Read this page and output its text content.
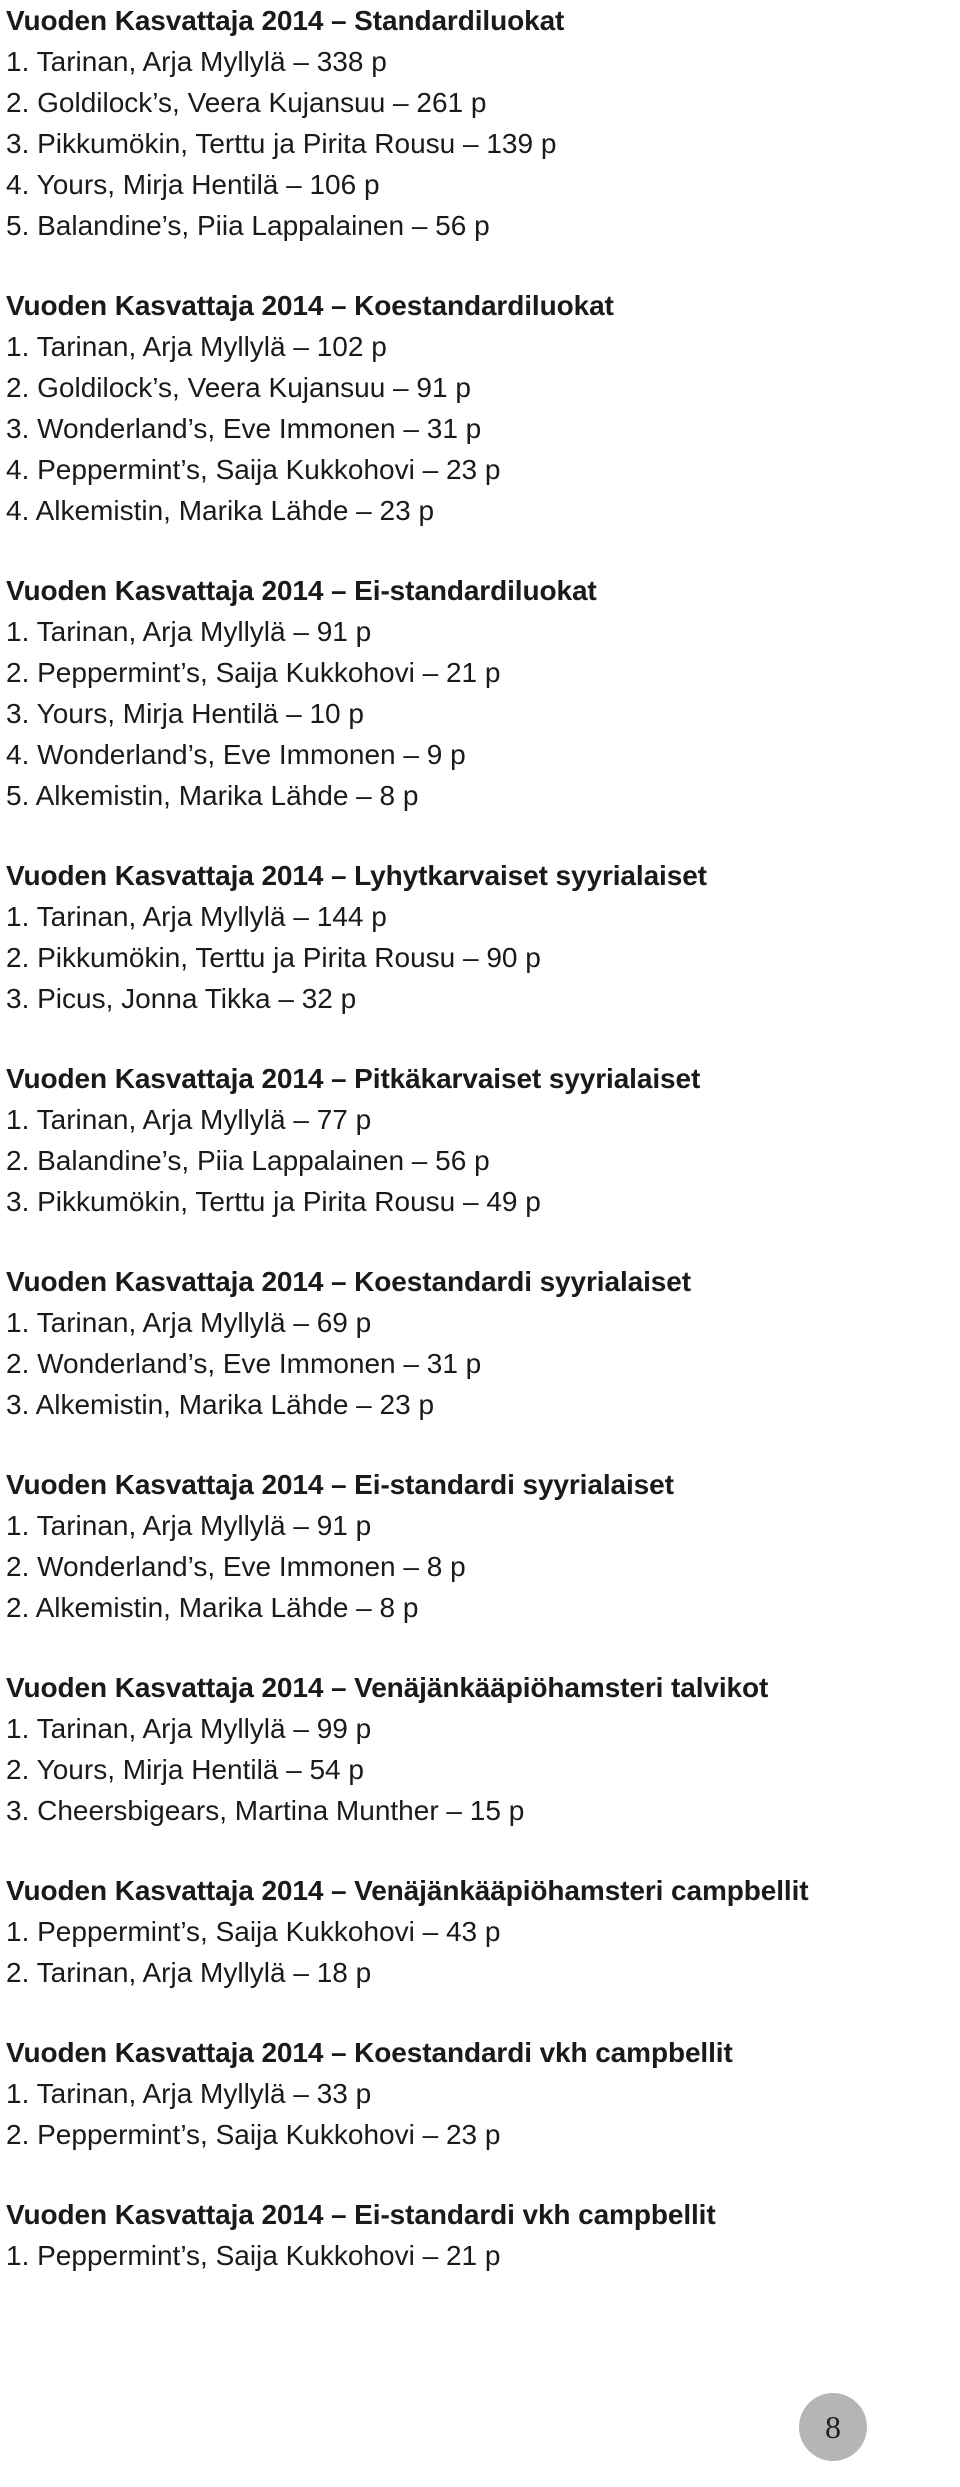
Vuoden Kasvattaja 2014 – Standardiluokat
1. Tarinan, Arja Myllylä – 338 p
2. Goldilock’s, Veera Kujansuu – 261 p
3. Pikkumökin, Terttu ja Pirita Rousu – 139 p
4. Yours, Mirja Hentilä – 106 p
5. Balandine’s, Piia Lappalainen – 56 p
Vuoden Kasvattaja 2014 – Koestandardiluokat
1. Tarinan, Arja Myllylä – 102 p
2. Goldilock’s, Veera Kujansuu – 91 p
3. Wonderland’s, Eve Immonen – 31 p
4. Peppermint’s, Saija Kukkohovi – 23 p
4. Alkemistin, Marika Lähde – 23 p
Vuoden Kasvattaja 2014 – Ei-standardiluokat
1. Tarinan, Arja Myllylä – 91 p
2. Peppermint’s, Saija Kukkohovi – 21 p
3. Yours, Mirja Hentilä – 10 p
4. Wonderland’s, Eve Immonen – 9 p
5. Alkemistin, Marika Lähde – 8 p
Vuoden Kasvattaja 2014 – Lyhytkarvaiset syyrialaiset
1. Tarinan, Arja Myllylä – 144 p
2. Pikkumökin, Terttu ja Pirita Rousu – 90 p
3. Picus, Jonna Tikka – 32 p
Vuoden Kasvattaja 2014 – Pitkäkarvaiset syyrialaiset
1. Tarinan, Arja Myllylä – 77 p
2. Balandine’s, Piia Lappalainen – 56 p
3. Pikkumökin, Terttu ja Pirita Rousu – 49 p
Vuoden Kasvattaja 2014 – Koestandardi syyrialaiset
1. Tarinan, Arja Myllylä – 69 p
2. Wonderland’s, Eve Immonen – 31 p
3. Alkemistin, Marika Lähde – 23 p
Vuoden Kasvattaja 2014 – Ei-standardi syyrialaiset
1. Tarinan, Arja Myllylä – 91 p
2. Wonderland’s, Eve Immonen – 8 p
2. Alkemistin, Marika Lähde – 8 p
Vuoden Kasvattaja 2014 – Venäjänkääpiöhamsteri talvikot
1. Tarinan, Arja Myllylä – 99 p
2. Yours, Mirja Hentilä – 54 p
3. Cheersbigears, Martina Munther – 15 p
Vuoden Kasvattaja 2014 – Venäjänkääpiöhamsteri campbellit
1. Peppermint’s, Saija Kukkohovi – 43 p
2. Tarinan, Arja Myllylä – 18 p
Vuoden Kasvattaja 2014 – Koestandardi vkh campbellit
1. Tarinan, Arja Myllylä – 33 p
2. Peppermint’s, Saija Kukkohovi – 23 p
Vuoden Kasvattaja 2014 – Ei-standardi vkh campbellit
1. Peppermint’s, Saija Kukkohovi – 21 p
8
